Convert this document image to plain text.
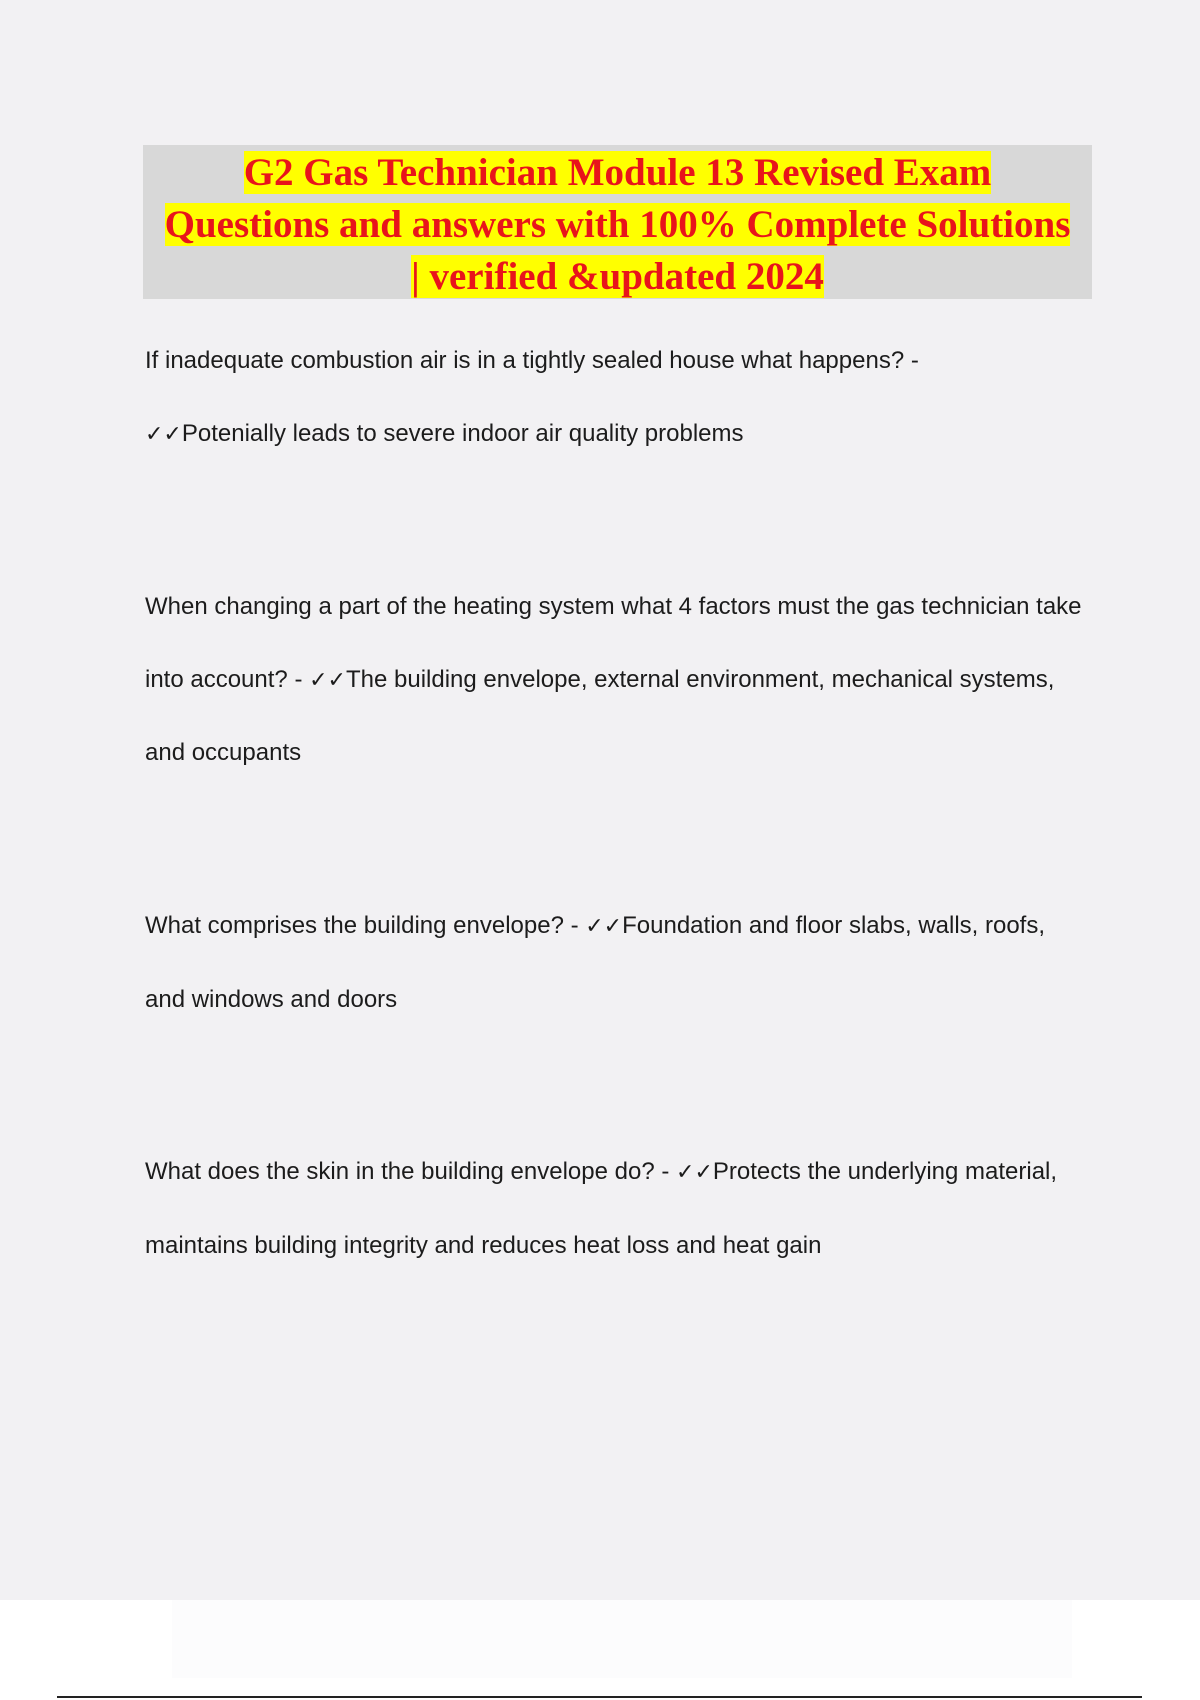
G2 Gas Technician Module 13 Revised Exam Questions and answers with 100% Complete Solutions | verified &updated 2024

If inadequate combustion air is in a tightly sealed house what happens? -
✓✓Potenially leads to severe indoor air quality problems

When changing a part of the heating system what 4 factors must the gas technician take into account? - ✓✓The building envelope, external environment, mechanical systems, and occupants

What comprises the building envelope? - ✓✓Foundation and floor slabs, walls, roofs, and windows and doors

What does the skin in the building envelope do? - ✓✓Protects the underlying material, maintains building integrity and reduces heat loss and heat gain
